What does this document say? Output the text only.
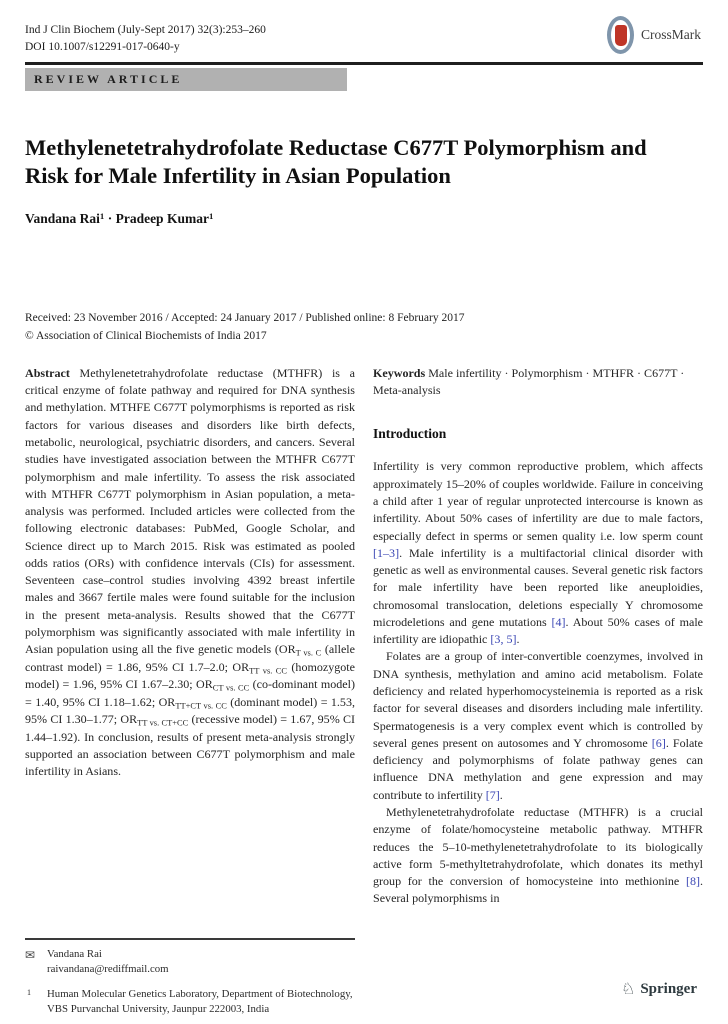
Ind J Clin Biochem (July-Sept 2017) 32(3):253–260
DOI 10.1007/s12291-017-0640-y
CrossMark
REVIEW ARTICLE
Methylenetetrahydrofolate Reductase C677T Polymorphism and Risk for Male Infertility in Asian Population
Vandana Rai$^1$ · Pradeep Kumar$^1$
Received: 23 November 2016 / Accepted: 24 January 2017 / Published online: 8 February 2017
© Association of Clinical Biochemists of India 2017

Abstract Methylenetetrahydrofolate reductase (MTHFR) is a critical enzyme of folate pathway and required for DNA synthesis and methylation. MTHFE C677T polymorphisms is reported as risk factors for various diseases and disorders like birth defects, metabolic, neurological, psychiatric disorders, and cancers. Several studies have investigated association between the MTHFR C677T polymorphism and male infertility. To assess the risk associated with MTHFR C677T polymorphism in Asian population, a meta-analysis was performed. Included articles were collected from the following electronic databases: PubMed, Google Scholar, and Science direct up to March 2015. Risk was estimated as pooled odds ratios (ORs) with confidence intervals (CIs) for assessment. Seventeen case–control studies involving 4392 breast infertile males and 3667 fertile males were found suitable for the inclusion in the present meta-analysis. Results showed that the C677T polymorphism was significantly associated with male infertility in Asian population using all the five genetic models (ORT vs. C (allele contrast model) = 1.86, 95% CI 1.7–2.0; ORTT vs. CC (homozygote model) = 1.96, 95% CI 1.67–2.30; ORCT vs. CC (co-dominant model) = 1.40, 95% CI 1.18–1.62; ORTT+CT vs. CC (dominant model) = 1.53, 95% CI 1.30–1.77; ORTT vs. CT+CC (recessive model) = 1.67, 95% CI 1.44–1.92). In conclusion, results of present meta-analysis strongly supported an association between C677T polymorphism and male infertility in Asians.

✉	Vandana Rai
raivandana@rediffmail.com
1	Human Molecular Genetics Laboratory, Department of Biotechnology, VBS Purvanchal University, Jaunpur 222003, India

Keywords Male infertility · Polymorphism · MTHFR · C677T · Meta-analysis

Introduction

Infertility is very common reproductive problem, which affects approximately 15–20% of couples worldwide. Failure in conceiving a child after 1 year of regular unprotected intercourse is known as infertility. About 50% cases of infertility are due to male factors, especially defect in sperms or semen quality i.e. low sperm count [1–3]. Male infertility is a multifactorial clinical disorder with genetic as well as environmental causes. Several genetic risk factors for male infertility have been reported like aneuploidies, chromosomal translocation, deletions especially Y chromosome microdeletions and gene mutations [4]. About 50% cases of male infertility are idiopathic [3, 5].

Folates are a group of inter-convertible coenzymes, involved in DNA synthesis, methylation and amino acid metabolism. Folate deficiency and related hyperhomocysteinemia is reported as a risk factor for several diseases and disorders including male infertility. Spermatogenesis is a very complex event which is controlled by several genes present on autosomes and Y chromosome [6]. Folate deficiency and polymorphisms of folate pathway genes can influence DNA methylation and gene expression and may contribute to infertility [7].

Methylenetetrahydrofolate reductase (MTHFR) is a crucial enzyme of folate/homocysteine metabolic pathway. MTHFR reduces the 5–10-methylenetetrahydrofolate to its biologically active form 5-methyltetrahydrofolate, which donates its methyl group for the conversion of homocysteine into methionine [8]. Several polymorphisms in

♘ Springer
